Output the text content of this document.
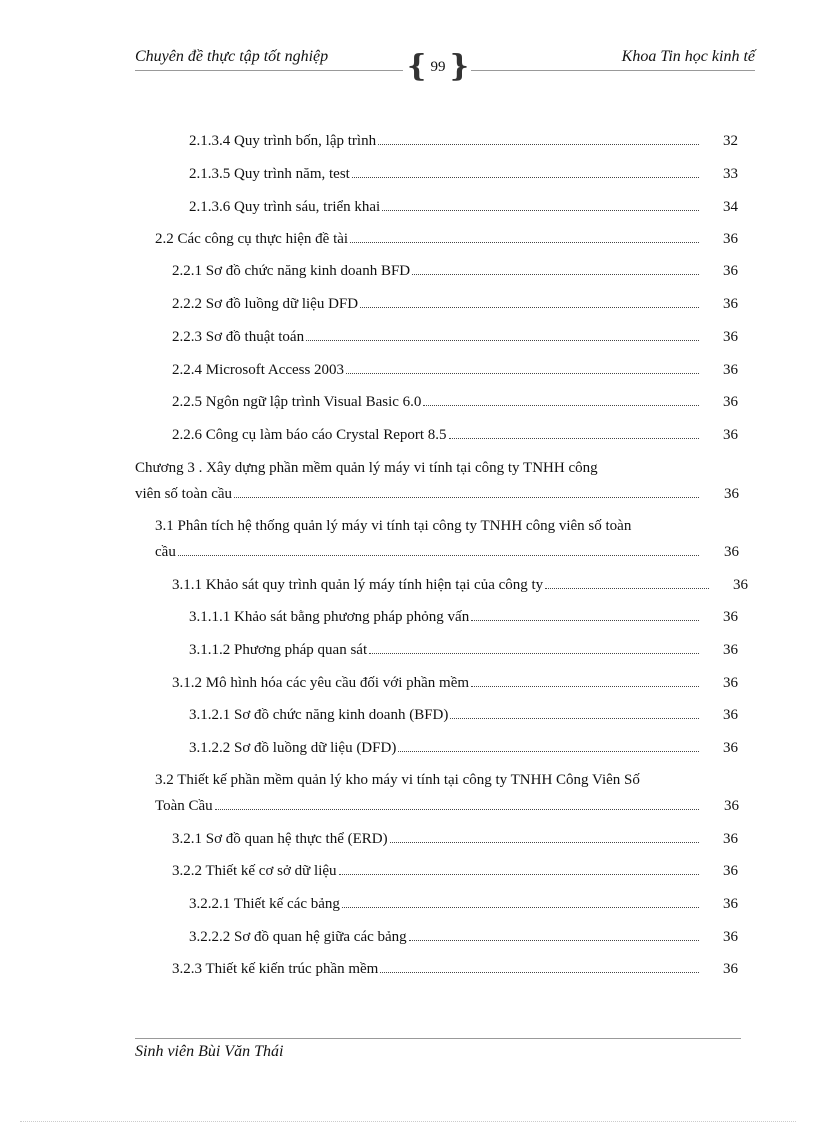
Chuyên đề thực tập tốt nghiệp	{ 99 }	Khoa Tin học kinh tế
2.1.3.4 Quy trình bốn, lập trình	32
2.1.3.5 Quy trình năm, test	33
2.1.3.6 Quy trình sáu, triển khai	34
2.2 Các công cụ thực hiện đề tài	36
2.2.1 Sơ đồ chức năng kinh doanh BFD	36
2.2.2 Sơ đồ luồng dữ liệu DFD	36
2.2.3 Sơ đồ thuật toán	36
2.2.4 Microsoft Access 2003	36
2.2.5 Ngôn ngữ lập trình Visual Basic 6.0	36
2.2.6 Công cụ làm báo cáo Crystal Report 8.5	36
Chương 3 . Xây dựng phần mềm quản lý máy vi tính tại công ty TNHH công
viên số toàn cầu	36
3.1 Phân tích hệ thống quản lý máy vi tính tại công ty TNHH công viên số toàn
cầu	36
3.1.1 Khảo sát quy trình quản lý máy tính hiện tại của công ty	36
3.1.1.1 Khảo sát bằng phương pháp phỏng vấn	36
3.1.1.2 Phương pháp quan sát	36
3.1.2 Mô hình hóa các yêu cầu đối với phần mềm	36
3.1.2.1 Sơ đồ chức năng kinh doanh (BFD)	36
3.1.2.2 Sơ đồ luồng dữ liệu (DFD)	36
3.2 Thiết kế phần mềm quản lý kho máy vi tính tại công ty TNHH Công Viên Số
Toàn Cầu	36
3.2.1 Sơ đồ quan hệ thực thể (ERD)	36
3.2.2 Thiết kế cơ sở dữ liệu	36
3.2.2.1 Thiết kế các bảng	36
3.2.2.2 Sơ đồ quan hệ giữa các bảng	36
3.2.3 Thiết kế kiến trúc phần mềm	36
Sinh viên Bùi Văn Thái
